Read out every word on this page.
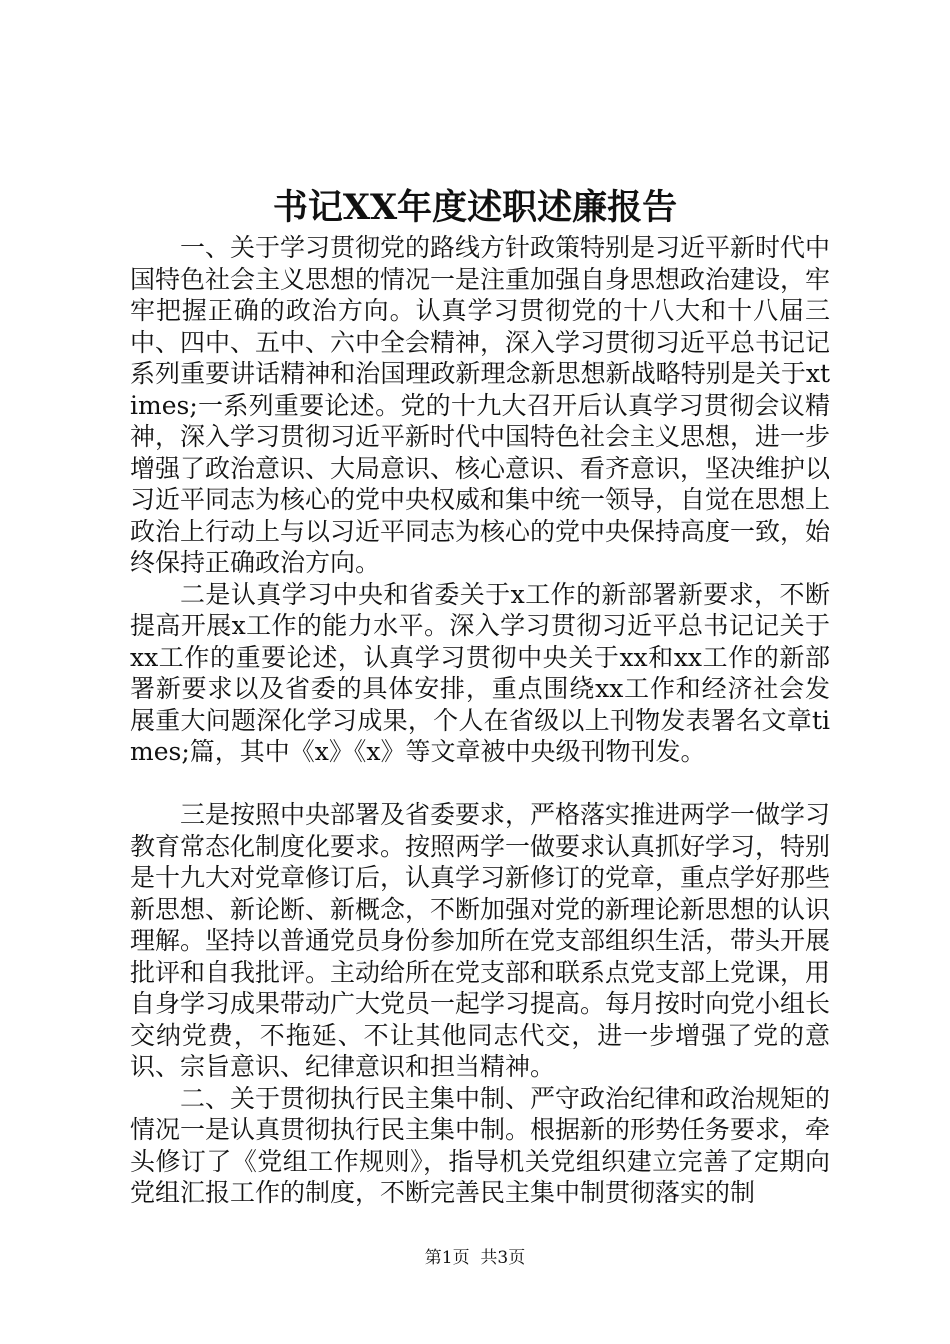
书记XX年度述职述廉报告

一、关于学习贯彻党的路线方针政策特别是习近平新时代中国特色社会主义思想的情况一是注重加强自身思想政治建设，牢牢把握正确的政治方向。认真学习贯彻党的十八大和十八届三中、四中、五中、六中全会精神，深入学习贯彻习近平总书记记系列重要讲话精神和治国理政新理念新思想新战略特别是关于xtimes;一系列重要论述。党的十九大召开后认真学习贯彻会议精神，深入学习贯彻习近平新时代中国特色社会主义思想，进一步增强了政治意识、大局意识、核心意识、看齐意识，坚决维护以习近平同志为核心的党中央权威和集中统一领导，自觉在思想上政治上行动上与以习近平同志为核心的党中央保持高度一致，始终保持正确政治方向。

二是认真学习中央和省委关于x工作的新部署新要求，不断提高开展x工作的能力水平。深入学习贯彻习近平总书记记关于xx工作的重要论述，认真学习贯彻中央关于xx和xx工作的新部署新要求以及省委的具体安排，重点围绕xx工作和经济社会发展重大问题深化学习成果，个人在省级以上刊物发表署名文章times;篇，其中《x》《x》等文章被中央级刊物刊发。

三是按照中央部署及省委要求，严格落实推进两学一做学习教育常态化制度化要求。按照两学一做要求认真抓好学习，特别是十九大对党章修订后，认真学习新修订的党章，重点学好那些新思想、新论断、新概念，不断加强对党的新理论新思想的认识理解。坚持以普通党员身份参加所在党支部组织生活，带头开展批评和自我批评。主动给所在党支部和联系点党支部上党课，用自身学习成果带动广大党员一起学习提高。每月按时向党小组长交纳党费，不拖延、不让其他同志代交，进一步增强了党的意识、宗旨意识、纪律意识和担当精神。

二、关于贯彻执行民主集中制、严守政治纪律和政治规矩的情况一是认真贯彻执行民主集中制。根据新的形势任务要求，牵头修订了《党组工作规则》，指导机关党组织建立完善了定期向党组汇报工作的制度，不断完善民主集中制贯彻落实的制

第1页 共3页
